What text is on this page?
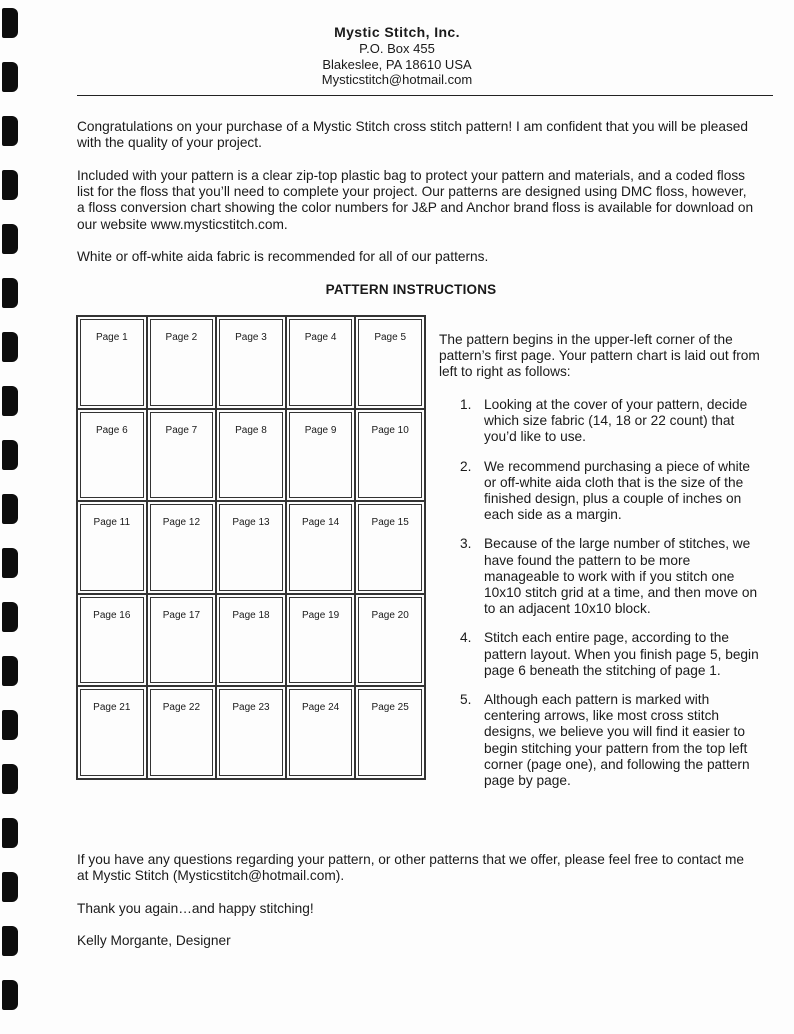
Mystic Stitch, Inc.
P.O. Box 455
Blakeslee, PA 18610 USA
Mysticstitch@hotmail.com

Congratulations on your purchase of a Mystic Stitch cross stitch pattern! I am confident that you will be pleased with the quality of your project.

Included with your pattern is a clear zip-top plastic bag to protect your pattern and materials, and a coded floss list for the floss that you’ll need to complete your project. Our patterns are designed using DMC floss, however, a floss conversion chart showing the color numbers for J&P and Anchor brand floss is available for download on our website www.mysticstitch.com.

White or off-white aida fabric is recommended for all of our patterns.

PATTERN INSTRUCTIONS
Page 1	Page 2	Page 3	Page 4	Page 5
Page 6	Page 7	Page 8	Page 9	Page 10
Page 11	Page 12	Page 13	Page 14	Page 15
Page 16	Page 17	Page 18	Page 19	Page 20
Page 21	Page 22	Page 23	Page 24	Page 25

The pattern begins in the upper-left corner of the pattern’s first page. Your pattern chart is laid out from left to right as follows:

1. Looking at the cover of your pattern, decide which size fabric (14, 18 or 22 count) that you’d like to use.
2. We recommend purchasing a piece of white or off-white aida cloth that is the size of the finished design, plus a couple of inches on each side as a margin.
3. Because of the large number of stitches, we have found the pattern to be more manageable to work with if you stitch one 10x10 stitch grid at a time, and then move on to an adjacent 10x10 block.
4. Stitch each entire page, according to the pattern layout. When you finish page 5, begin page 6 beneath the stitching of page 1.
5. Although each pattern is marked with centering arrows, like most cross stitch designs, we believe you will find it easier to begin stitching your pattern from the top left corner (page one), and following the pattern page by page.

If you have any questions regarding your pattern, or other patterns that we offer, please feel free to contact me at Mystic Stitch (Mysticstitch@hotmail.com).

Thank you again…and happy stitching!

Kelly Morgante, Designer
